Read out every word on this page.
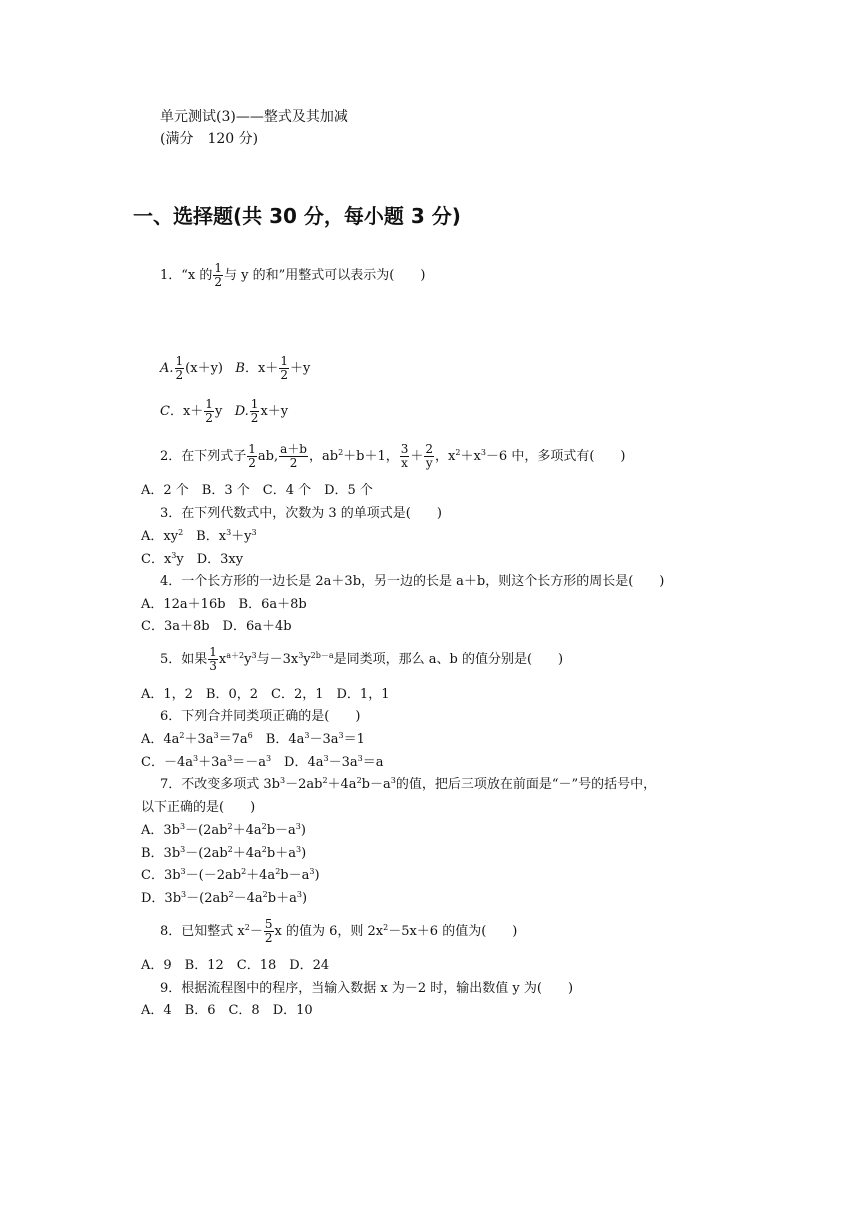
单元测试(3)——整式及其加减
(满分　120 分)
一、选择题(共 30 分，每小题 3 分)
1．“x 的 $\frac{1}{2}$ 与 y 的和”用整式可以表示为(　　)
A. $\frac{1}{2} (x+y)$ B．$x+ \frac{1}{2} +y$
C．$x+ \frac{1}{2}$ y D. $\frac{1}{2} x+y$
2．在下列式子 $\frac{1}{2}$ ab, $\frac{a+b}{2}$ ，$ab^2+b+1$， $\frac{3}{x} + \frac{2}{y}$ ，$x^2+x^3-6$ 中，多项式有(　　)
A．2 个　B．3 个　C．4 个　D．5 个
3．在下列代数式中，次数为 3 的单项式是(　　)
A．$xy^2$　B．$x^3+y^3$
C．$x^3y$　D．3xy
4．一个长方形的一边长是 2a＋3b，另一边的长是 a＋b，则这个长方形的周长是(　　)
A．12a＋16b　B．6a＋8b
C．3a＋8b　D．6a＋4b
5．如果 $\frac{1}{3} x^{a+2}y^3$与$-3x^3y^{2b-a}$是同类项，那么 a、b 的值分别是(　　)
A．1，2　B．0，2　C．2，1　D．1，1
6．下列合并同类项正确的是(　　)
A．$4a^2+3a^3=7a^6$　B．$4a^3-3a^3=1$
C．$-4a^3+3a^3=-a^3$　D．$4a^3-3a^3=a$
7．不改变多项式 $3b^3-2ab^2+4a^2b-a^3$的值，把后三项放在前面是“－”号的括号中，
以下正确的是(　　)
A．$3b^3-(2ab^2+4a^2b-a^3)$
B．$3b^3-(2ab^2+4a^2b+a^3)$
C．$3b^3-(-2ab^2+4a^2b-a^3)$
D．$3b^3-(2ab^2-4a^2b+a^3)$
8．已知整式 $x^2- \frac{5}{2}$ x 的值为 6，则 $2x^2-5x+6$ 的值为(　　)
A．9　B．12　C．18　D．24
9．根据流程图中的程序，当输入数据 x 为－2 时，输出数值 y 为(　　)
A．4　B．6　C．8　D．10
